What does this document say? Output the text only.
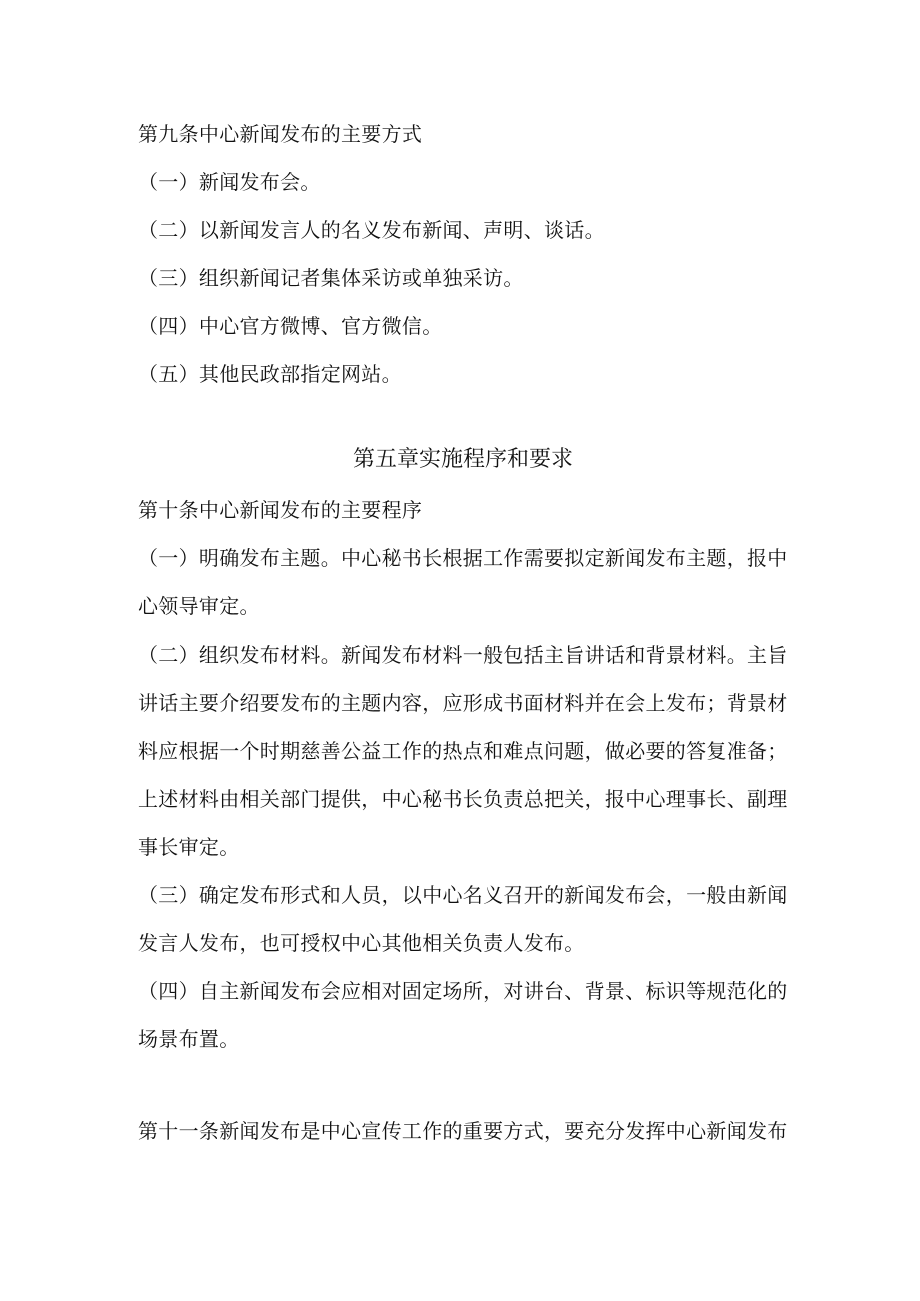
第九条中心新闻发布的主要方式
（一）新闻发布会。
（二）以新闻发言人的名义发布新闻、声明、谈话。
（三）组织新闻记者集体采访或单独采访。
（四）中心官方微博、官方微信。
（五）其他民政部指定网站。
第五章实施程序和要求
第十条中心新闻发布的主要程序
（一）明确发布主题。中心秘书长根据工作需要拟定新闻发布主题，报中
心领导审定。
（二）组织发布材料。新闻发布材料一般包括主旨讲话和背景材料。主旨
讲话主要介绍要发布的主题内容，应形成书面材料并在会上发布；背景材
料应根据一个时期慈善公益工作的热点和难点问题，做必要的答复准备；
上述材料由相关部门提供，中心秘书长负责总把关，报中心理事长、副理
事长审定。
（三）确定发布形式和人员，以中心名义召开的新闻发布会，一般由新闻
发言人发布，也可授权中心其他相关负责人发布。
（四）自主新闻发布会应相对固定场所，对讲台、背景、标识等规范化的
场景布置。
第十一条新闻发布是中心宣传工作的重要方式，要充分发挥中心新闻发布
